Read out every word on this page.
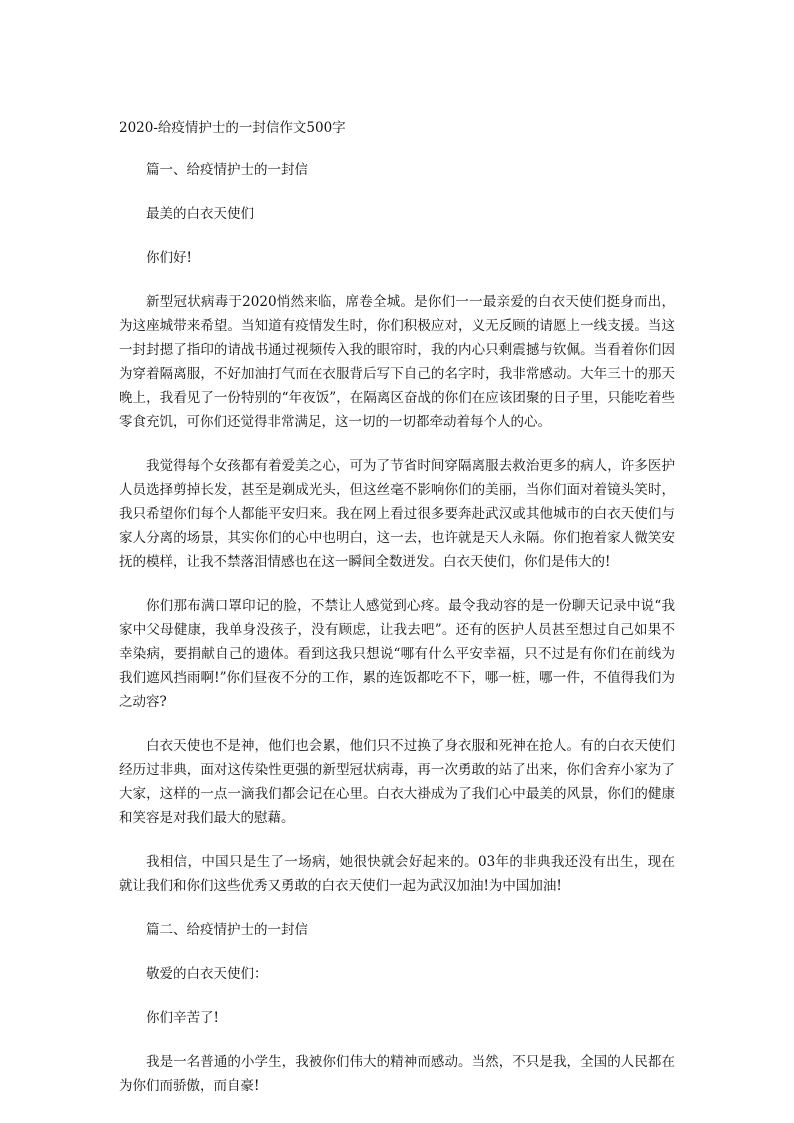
2020-给疫情护士的一封信作文500字

篇一、给疫情护士的一封信

最美的白衣天使们

你们好!

新型冠状病毒于2020悄然来临，席卷全城。是你们一一最亲爱的白衣天使们挺身而出，为这座城带来希望。当知道有疫情发生时，你们积极应对，义无反顾的请愿上一线支援。当这一封封摁了指印的请战书通过视频传入我的眼帘时，我的内心只剩震撼与钦佩。当看着你们因为穿着隔离服，不好加油打气而在衣服背后写下自己的名字时，我非常感动。大年三十的那天晚上，我看见了一份特别的“年夜饭”，在隔离区奋战的你们在应该团聚的日子里，只能吃着些零食充饥，可你们还觉得非常满足，这一切的一切都牵动着每个人的心。

我觉得每个女孩都有着爱美之心，可为了节省时间穿隔离服去救治更多的病人，许多医护人员选择剪掉长发，甚至是剃成光头，但这丝毫不影响你们的美丽，当你们面对着镜头笑时，我只希望你们每个人都能平安归来。我在网上看过很多要奔赴武汉或其他城市的白衣天使们与家人分离的场景，其实你们的心中也明白，这一去，也许就是天人永隔。你们抱着家人微笑安抚的模样，让我不禁落泪情感也在这一瞬间全数迸发。白衣天使们，你们是伟大的!

你们那布满口罩印记的脸，不禁让人感觉到心疼。最令我动容的是一份聊天记录中说“我家中父母健康，我单身没孩子，没有顾虑，让我去吧”。还有的医护人员甚至想过自己如果不幸染病，要捐献自己的遗体。看到这我只想说“哪有什么平安幸福，只不过是有你们在前线为我们遮风挡雨啊!”你们昼夜不分的工作，累的连饭都吃不下，哪一桩，哪一件，不值得我们为之动容?

白衣天使也不是神，他们也会累，他们只不过换了身衣服和死神在抢人。有的白衣天使们经历过非典，面对这传染性更强的新型冠状病毒，再一次勇敢的站了出来，你们舍弃小家为了大家，这样的一点一滴我们都会记在心里。白衣大褂成为了我们心中最美的风景，你们的健康和笑容是对我们最大的慰藉。

我相信，中国只是生了一场病，她很快就会好起来的。03年的非典我还没有出生，现在就让我们和你们这些优秀又勇敢的白衣天使们一起为武汉加油!为中国加油!

篇二、给疫情护士的一封信

敬爱的白衣天使们：

你们辛苦了!

我是一名普通的小学生，我被你们伟大的精神而感动。当然，不只是我，全国的人民都在为你们而骄傲，而自豪!
